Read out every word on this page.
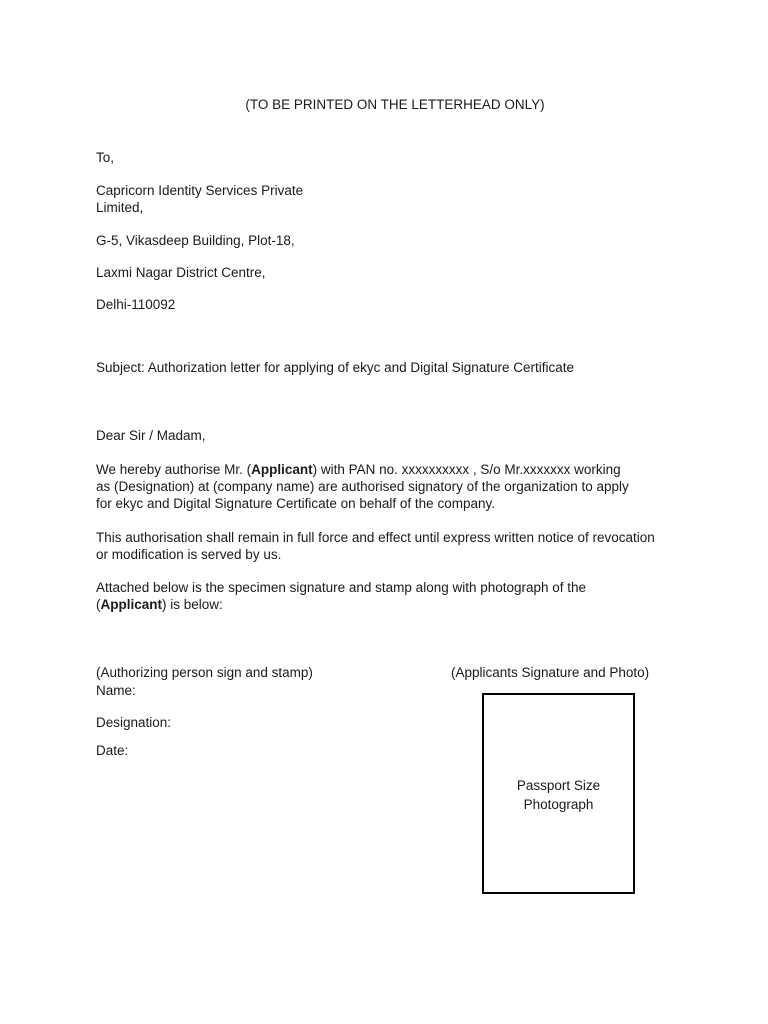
(TO BE PRINTED ON THE LETTERHEAD ONLY)

To,

Capricorn Identity Services Private
Limited,

G-5, Vikasdeep Building, Plot-18,

Laxmi Nagar District Centre,

Delhi-110092

Subject: Authorization letter for applying of ekyc and Digital Signature Certificate

Dear Sir / Madam,

We hereby authorise Mr. (Applicant) with PAN no. xxxxxxxxxx , S/o Mr.xxxxxxx working
as (Designation) at (company name) are authorised signatory of the organization to apply
for ekyc and Digital Signature Certificate on behalf of the company.
This authorisation shall remain in full force and effect until express written notice of revocation
or modification is served by us.
Attached below is the specimen signature and stamp along with photograph of the
(Applicant) is below:

(Authorizing person sign and stamp)

Name:

Designation:

Date:

(Applicants Signature and Photo)

Passport Size
Photograph
